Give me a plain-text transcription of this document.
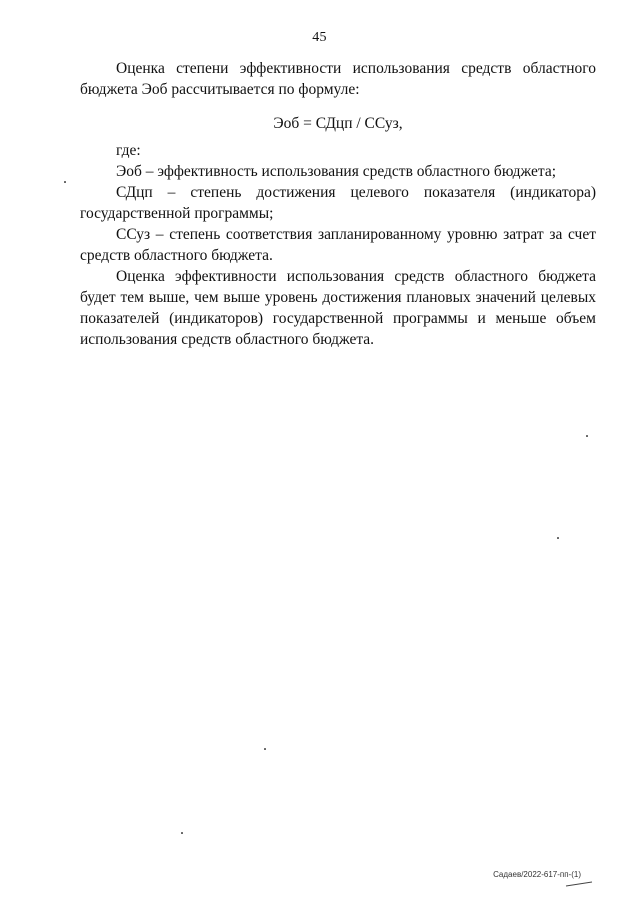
45

Оценка степени эффективности использования средств областного бюджета Эоб рассчитывается по формуле:

Эоб = СДцп / ССуз,

где:

Эоб – эффективность использования средств областного бюджета;

СДцп – степень достижения целевого показателя (индикатора) государственной программы;

ССуз – степень соответствия запланированному уровню затрат за счет средств областного бюджета.

Оценка эффективности использования средств областного бюджета будет тем выше, чем выше уровень достижения плановых значений целевых показателей (индикаторов) государственной программы и меньше объем использования средств областного бюджета.

Садаев/2022-617-пп-(1)
